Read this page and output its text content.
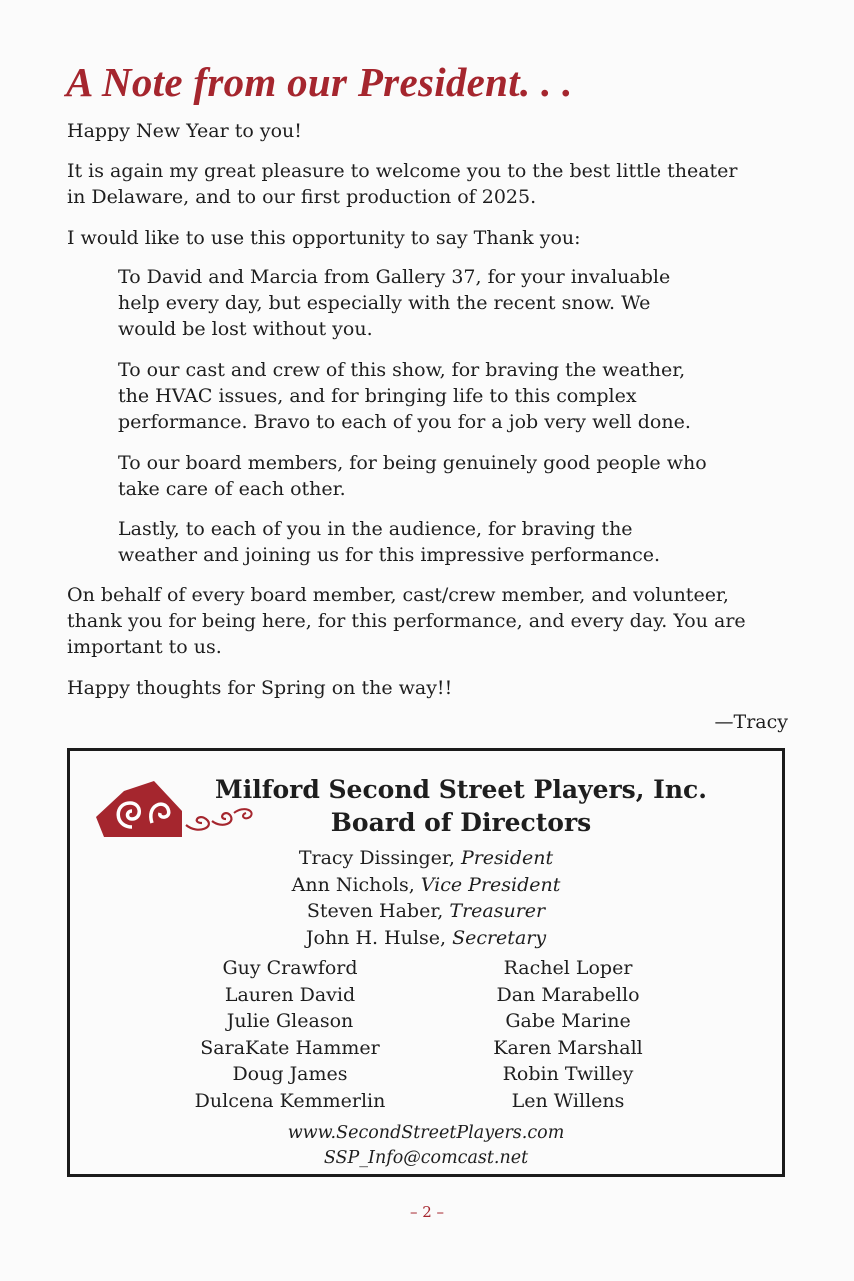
A Note from our President. . .
Happy New Year to you!
It is again my great pleasure to welcome you to the best little theater
in Delaware, and to our first production of 2025.
I would like to use this opportunity to say Thank you:
To David and Marcia from Gallery 37, for your invaluable
help every day, but especially with the recent snow. We
would be lost without you.
To our cast and crew of this show, for braving the weather,
the HVAC issues, and for bringing life to this complex
performance. Bravo to each of you for a job very well done.
To our board members, for being genuinely good people who
take care of each other.
Lastly, to each of you in the audience, for braving the
weather and joining us for this impressive performance.
On behalf of every board member, cast/crew member, and volunteer,
thank you for being here, for this performance, and every day. You are
important to us.
Happy thoughts for Spring on the way!!
—Tracy
Milford Second Street Players, Inc.
Board of Directors
Tracy Dissinger, President
Ann Nichols, Vice President
Steven Haber, Treasurer
John H. Hulse, Secretary
Guy Crawford
Lauren David
Julie Gleason
SaraKate Hammer
Doug James
Dulcena Kemmerlin
Rachel Loper
Dan Marabello
Gabe Marine
Karen Marshall
Robin Twilley
Len Willens
www.SecondStreetPlayers.com
SSP_Info@comcast.net
– 2 –
